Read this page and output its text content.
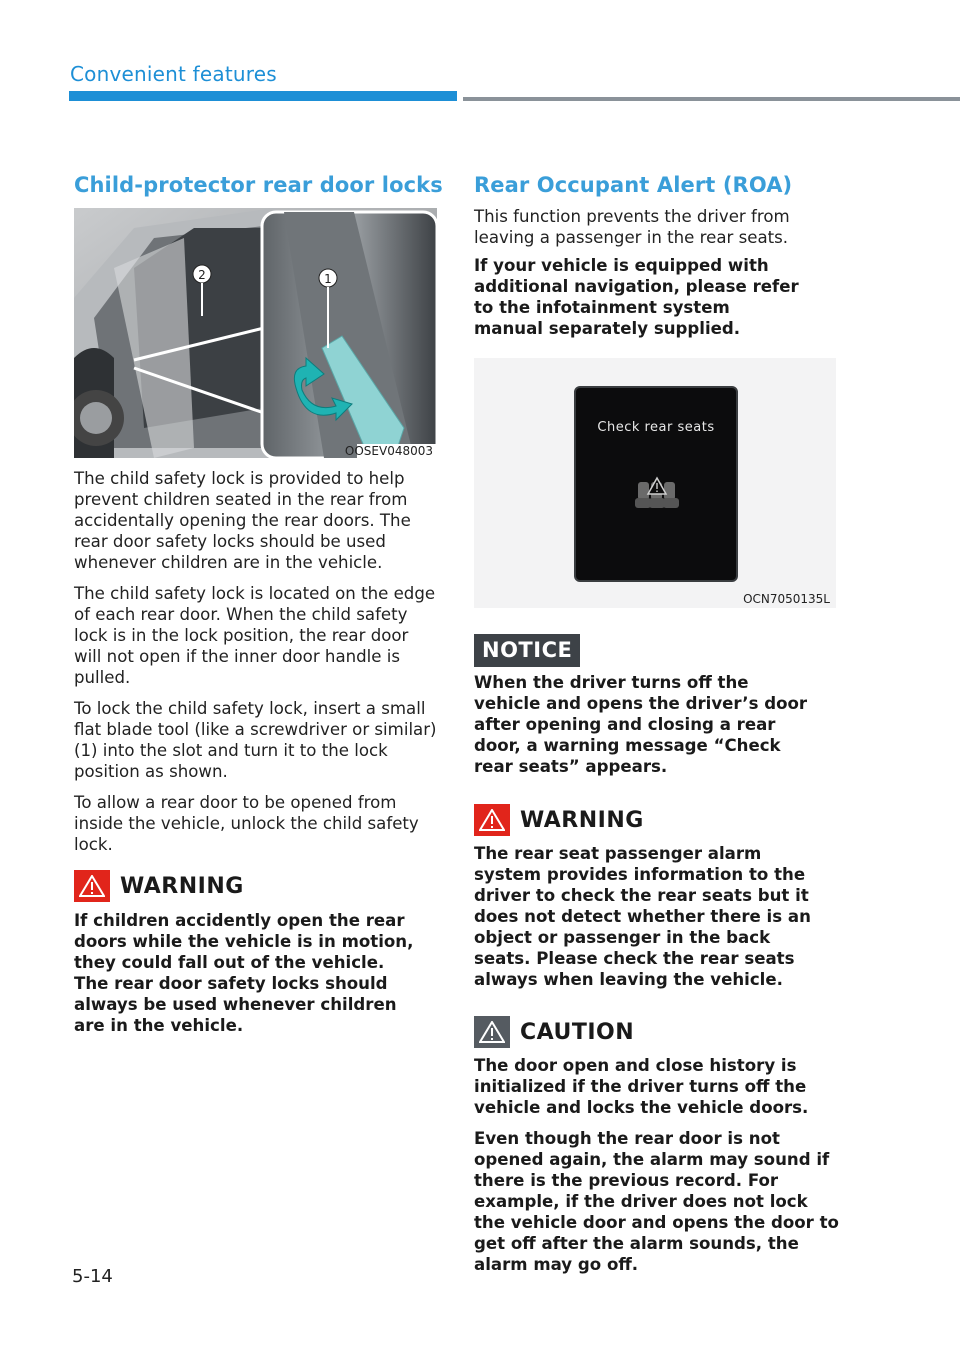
Convenient features
Child-protector rear door locks
1
2
OOSEV048003

The child safety lock is provided to help prevent children seated in the rear from accidentally opening the rear doors. The rear door safety locks should be used whenever children are in the vehicle.

The child safety lock is located on the edge of each rear door. When the child safety lock is in the lock position, the rear door will not open if the inner door handle is pulled.

To lock the child safety lock, insert a small flat blade tool (like a screwdriver or similar) (1) into the slot and turn it to the lock position as shown.

To allow a rear door to be opened from inside the vehicle, unlock the child safety lock.

WARNING

If children accidently open the rear doors while the vehicle is in motion, they could fall out of the vehicle. The rear door safety locks should always be used whenever children are in the vehicle.

Rear Occupant Alert (ROA)

This function prevents the driver from leaving a passenger in the rear seats.

If your vehicle is equipped with additional navigation, please refer to the infotainment system manual separately supplied.

Check rear seats
OCN7050135L
NOTICE

When the driver turns off the vehicle and opens the driver’s door after opening and closing a rear door, a warning message “Check rear seats” appears.

WARNING

The rear seat passenger alarm system provides information to the driver to check the rear seats but it does not detect whether there is an object or passenger in the back seats. Please check the rear seats always when leaving the vehicle.

CAUTION

The door open and close history is initialized if the driver turns off the vehicle and locks the vehicle doors.

Even though the rear door is not opened again, the alarm may sound if there is the previous record. For example, if the driver does not lock the vehicle door and opens the door to get off after the alarm sounds, the alarm may go off.

5-14
